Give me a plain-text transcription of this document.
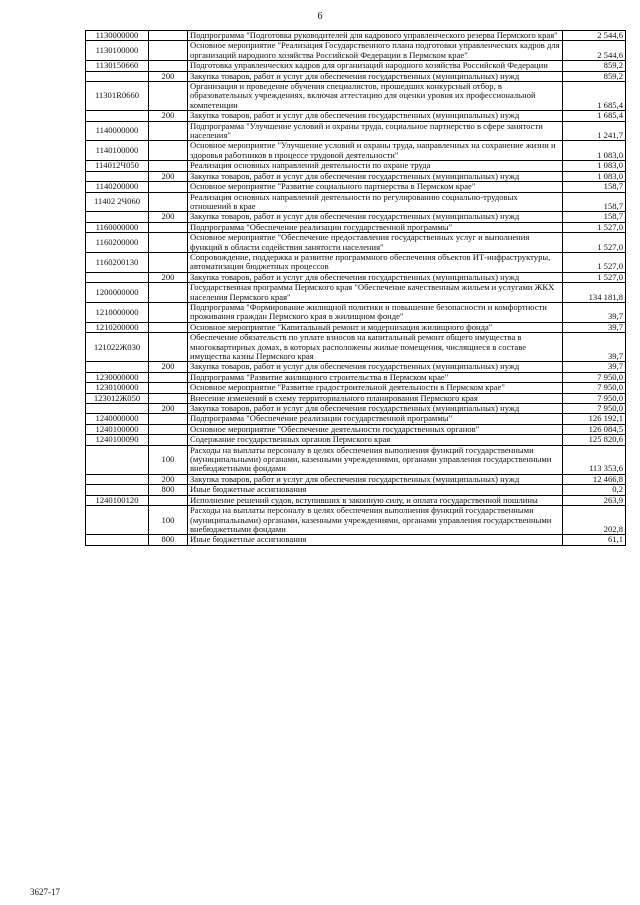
6
1130000000		Подпрограмма "Подготовка руководителей для кадрового управленческого резерва Пермского края"	2 544,6
1130100000		Основное мероприятие "Реализация Государственного плана подготовки управленческих кадров для организаций народного хозяйства Российской Федерации в Пермском крае"	2 544,6
1130150660		Подготовка управленческих кадров для организаций народного хозяйства Российской Федерации	859,2
	200	Закупка товаров, работ и услуг для обеспечения государственных (муниципальных) нужд	859,2
11301R0660		Организация и проведение обучения специалистов, прошедших конкурсный отбор, в образовательных учреждениях, включая аттестацию для оценки уровня их профессиональной компетенции	1 685,4
	200	Закупка товаров, работ и услуг для обеспечения государственных (муниципальных) нужд	1 685,4
1140000000		Подпрограмма "Улучшение условий и охраны труда, социальное партнерство в сфере занятости населения"	1 241,7
1140100000		Основное мероприятие "Улучшение условий и охраны труда, направленных на сохранение жизни и здоровья работников в процессе трудовой деятельности"	1 083,0
114012Ч050		Реализация основных направлений деятельности по охране труда	1 083,0
	200	Закупка товаров, работ и услуг для обеспечения государственных (муниципальных) нужд	1 083,0
1140200000		Основное мероприятие "Развитие социального партнерства в Пермском крае"	158,7
11402 2Ч060		Реализация основных направлений деятельности по регулированию социально-трудовых отношений в крае	158,7
	200	Закупка товаров, работ и услуг для обеспечения государственных (муниципальных) нужд	158,7
1160000000		Подпрограмма "Обеспечение реализации государственной программы"	1 527,0
1160200000		Основное мероприятие "Обеспечение предоставления государственных услуг и выполнения функций в области содействия занятости населения"	1 527,0
1160200130		Сопровождение, поддержка и развитие программного обеспечения объектов ИТ-инфраструктуры, автоматизации бюджетных процессов	1 527,0
	200	Закупка товаров, работ и услуг для обеспечения государственных (муниципальных) нужд	1 527,0
1200000000		Государственная программа Пермского края "Обеспечение качественным жильем и услугами ЖКХ населения Пермского края"	134 181,8
1210000000		Подпрограмма "Формирование жилищной политики и повышение безопасности и комфортности проживания граждан Пермского края в жилищном фонде"	39,7
1210200000		Основное мероприятие "Капитальный ремонт и модернизация жилищного фонда"	39,7
121022Ж030		Обеспечение обязательств по уплате взносов на капитальный ремонт общего имущества в многоквартирных домах, в которых расположены жилые помещения, числящиеся в составе имущества казны Пермского края	39,7
	200	Закупка товаров, работ и услуг для обеспечения государственных (муниципальных) нужд	39,7
1230000000		Подпрограмма "Развитие жилищного строительства в Пермском крае"	7 950,0
1230100000		Основное мероприятие "Развитие градостроительной деятельности в Пермском крае"	7 950,0
123012Ж050		Внесение изменений в схему территориального планирования Пермского края	7 950,0
	200	Закупка товаров, работ и услуг для обеспечения государственных (муниципальных) нужд	7 950,0
1240000000		Подпрограмма "Обеспечение реализации государственной программы"	126 192,1
1240100000		Основное мероприятие "Обеспечение деятельности государственных органов"	126 084,5
1240100090		Содержание государственных органов Пермского края	125 820,6
	100	Расходы на выплаты персоналу в целях обеспечения выполнения функций государственными (муниципальными) органами, казенными учреждениями, органами управления государственными внебюджетными фондами	113 353,6
	200	Закупка товаров, работ и услуг для обеспечения государственных (муниципальных) нужд	12 466,8
	800	Иные бюджетные ассигнования	0,2
1240100120		Исполнение решений судов, вступивших в законную силу, и оплата государственной пошлины	263,9
	100	Расходы на выплаты персоналу в целях обеспечения выполнения функций государственными (муниципальными) органами, казенными учреждениями, органами управления государственными внебюджетными фондами	202,8
	800	Иные бюджетные ассигнования	61,1
3627-17
